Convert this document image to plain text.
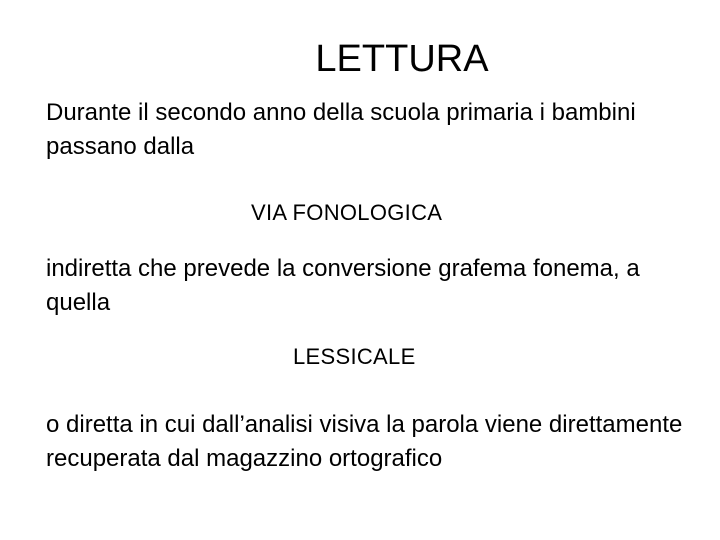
LETTURA

Durante il secondo anno della scuola primaria i bambini passano dalla

VIA FONOLOGICA

indiretta che prevede la conversione grafema fonema, a quella

LESSICALE

o diretta in cui dall’analisi visiva la parola viene direttamente recuperata dal magazzino ortografico
